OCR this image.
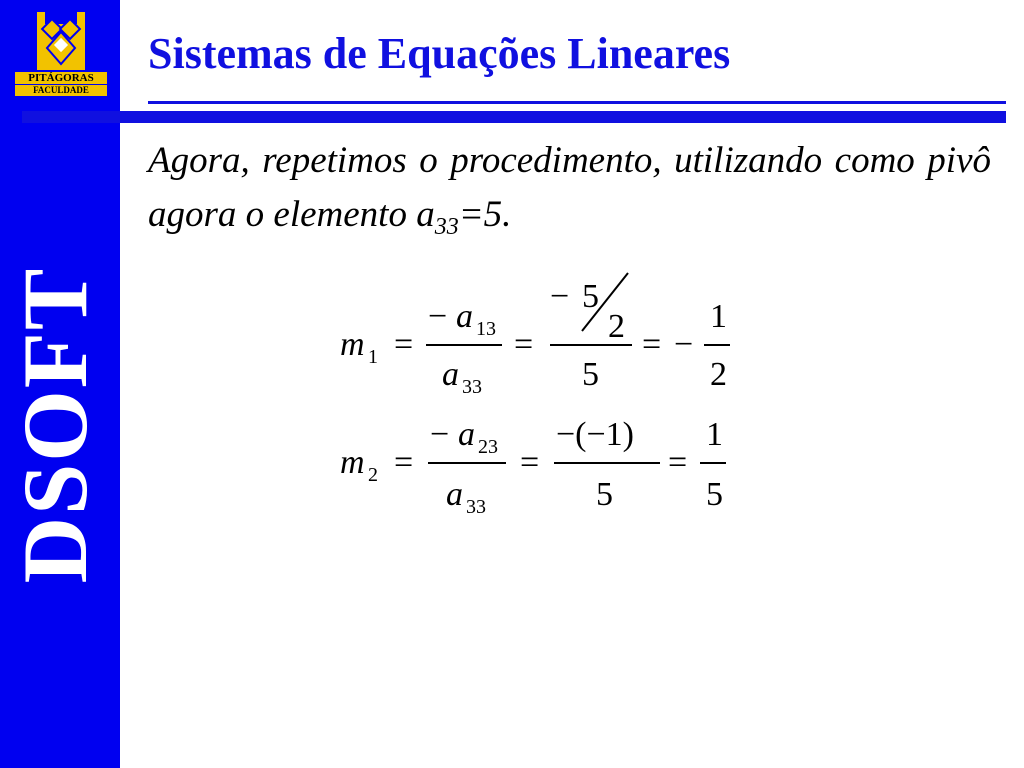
PITÁGORAS
FACULDADE
DSOFT
Sistemas de Equações Lineares
Agora, repetimos o procedimento, utilizando como pivô agora o elemento $a_{33}=5$.
m 1 =
− a 13
a 33
=
− 5
2
5
= −
1
2
m 2 =
− a 23
a 33
=
−(−1)
5
=
1
5
